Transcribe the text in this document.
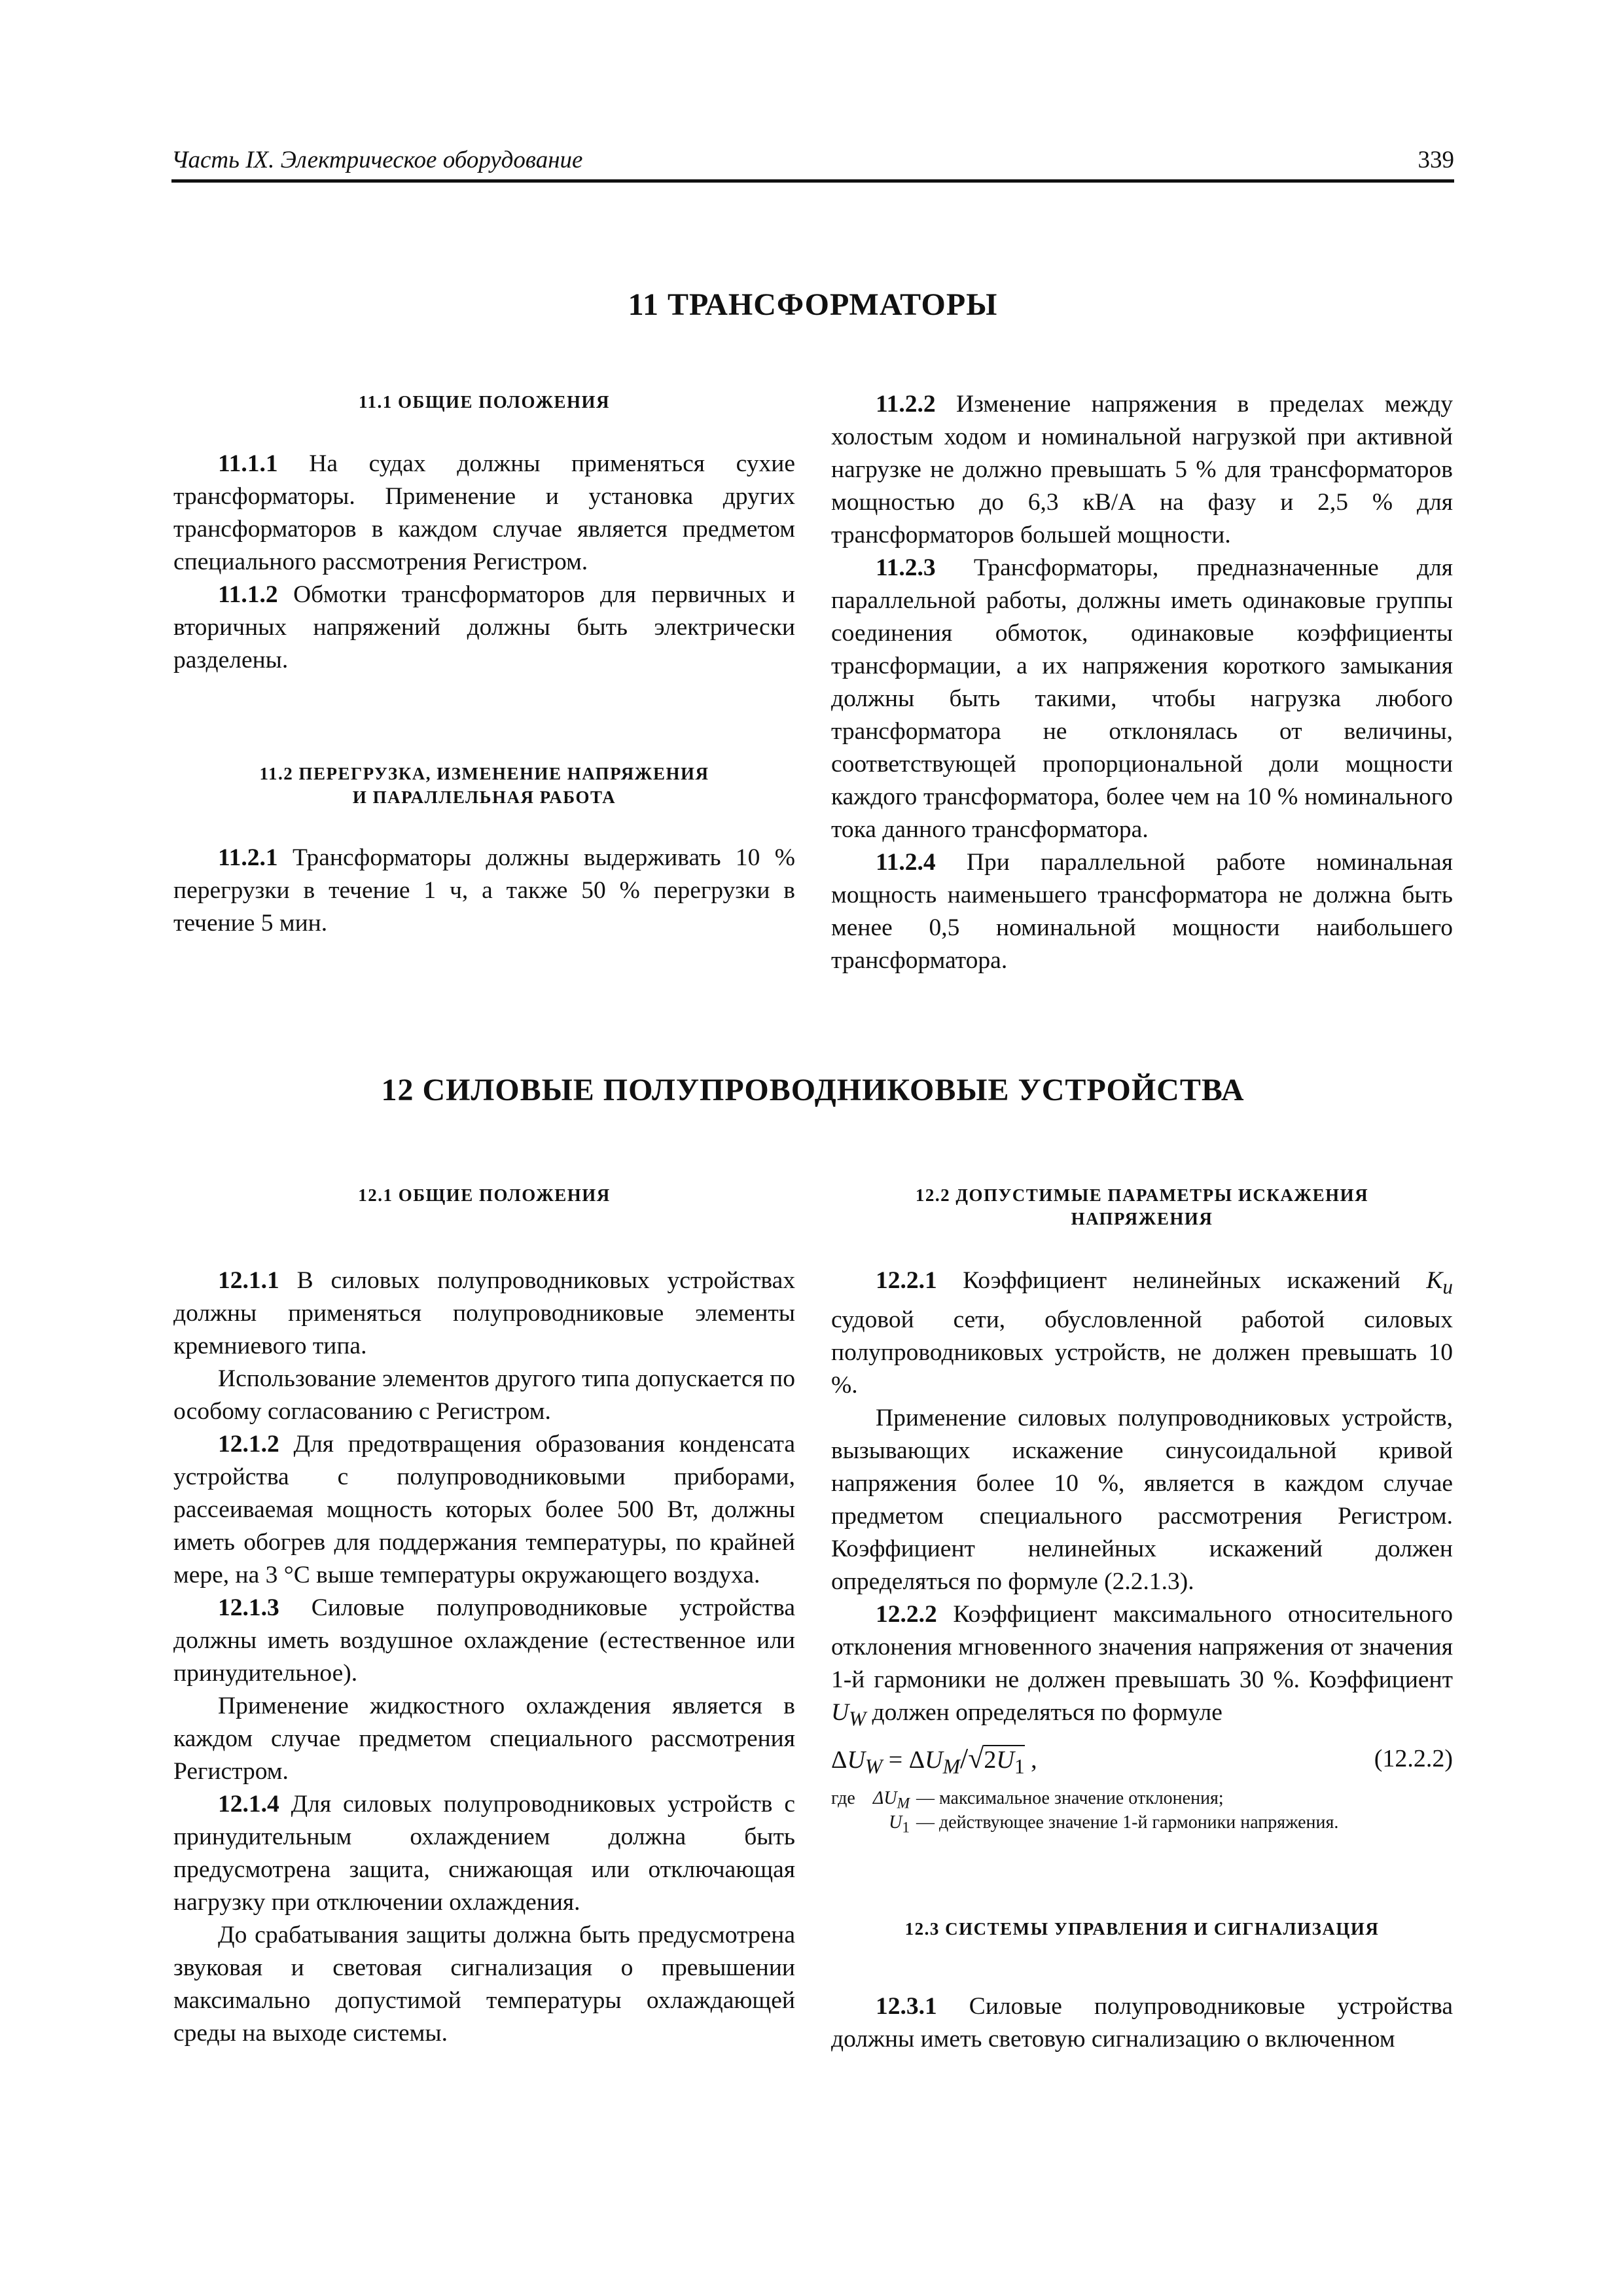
Часть IX. Электрическое оборудование	339
11 ТРАНСФОРМАТОРЫ

11.1 ОБЩИЕ ПОЛОЖЕНИЯ

11.1.1 На судах должны применяться сухие трансформаторы. Применение и установка других трансформаторов в каждом случае является предметом специального рассмотрения Регистром.

11.1.2 Обмотки трансформаторов для первичных и вторичных напряжений должны быть электрически разделены.

11.2 ПЕРЕГРУЗКА, ИЗМЕНЕНИЕ НАПРЯЖЕНИЯ

И ПАРАЛЛЕЛЬНАЯ РАБОТА

11.2.1 Трансформаторы должны выдерживать 10 % перегрузки в течение 1 ч, а также 50 % перегрузки в течение 5 мин.

11.2.2 Изменение напряжения в пределах между холостым ходом и номинальной нагрузкой при активной нагрузке не должно превышать 5 % для трансформаторов мощностью до 6,3 кВ/А на фазу и 2,5 % для трансформаторов большей мощности.

11.2.3 Трансформаторы, предназначенные для параллельной работы, должны иметь одинаковые группы соединения обмоток, одинаковые коэффициенты трансформации, а их напряжения короткого замыкания должны быть такими, чтобы нагрузка любого трансформатора не отклонялась от величины, соответствующей пропорциональной доли мощности каждого трансформатора, более чем на 10 % номинального тока данного трансформатора.

11.2.4 При параллельной работе номинальная мощность наименьшего трансформатора не должна быть менее 0,5 номинальной мощности наибольшего трансформатора.

12 СИЛОВЫЕ ПОЛУПРОВОДНИКОВЫЕ УСТРОЙСТВА

12.1 ОБЩИЕ ПОЛОЖЕНИЯ

12.1.1 В силовых полупроводниковых устройствах должны применяться полупроводниковые элементы кремниевого типа.

Использование элементов другого типа допускается по особому согласованию с Регистром.

12.1.2 Для предотвращения образования конденсата устройства с полупроводниковыми приборами, рассеиваемая мощность которых более 500 Вт, должны иметь обогрев для поддержания температуры, по крайней мере, на 3 °C выше температуры окружающего воздуха.

12.1.3 Силовые полупроводниковые устройства должны иметь воздушное охлаждение (естественное или принудительное).

Применение жидкостного охлаждения является в каждом случае предметом специального рассмотрения Регистром.

12.1.4 Для силовых полупроводниковых устройств с принудительным охлаждением должна быть предусмотрена защита, снижающая или отключающая нагрузку при отключении охлаждения.

До срабатывания защиты должна быть предусмотрена звуковая и световая сигнализация о превышении максимально допустимой температуры охлаждающей среды на выходе системы.

12.2 ДОПУСТИМЫЕ ПАРАМЕТРЫ ИСКАЖЕНИЯ

НАПРЯЖЕНИЯ

12.2.1 Коэффициент нелинейных искажений $K_u$ судовой сети, обусловленной работой силовых полупроводниковых устройств, не должен превышать 10 %.

Применение силовых полупроводниковых устройств, вызывающих искажение синусоидальной кривой напряжения более 10 %, является в каждом случае предметом специального рассмотрения Регистром. Коэффициент нелинейных искажений должен определяться по формуле (2.2.1.3).

12.2.2 Коэффициент максимального относительного отклонения мгновенного значения напряжения от значения 1-й гармоники не должен превышать 30 %. Коэффициент $U_W$ должен определяться по формуле

$\Delta U_W = \Delta U_M/√2U_1$ ,	(12.2.2)
где $\Delta U_M$ — максимальное значение отклонения;
$U_1$ — действующее значение 1-й гармоники напряжения.

12.3 СИСТЕМЫ УПРАВЛЕНИЯ И СИГНАЛИЗАЦИЯ

12.3.1 Силовые полупроводниковые устройства должны иметь световую сигнализацию о включенном
